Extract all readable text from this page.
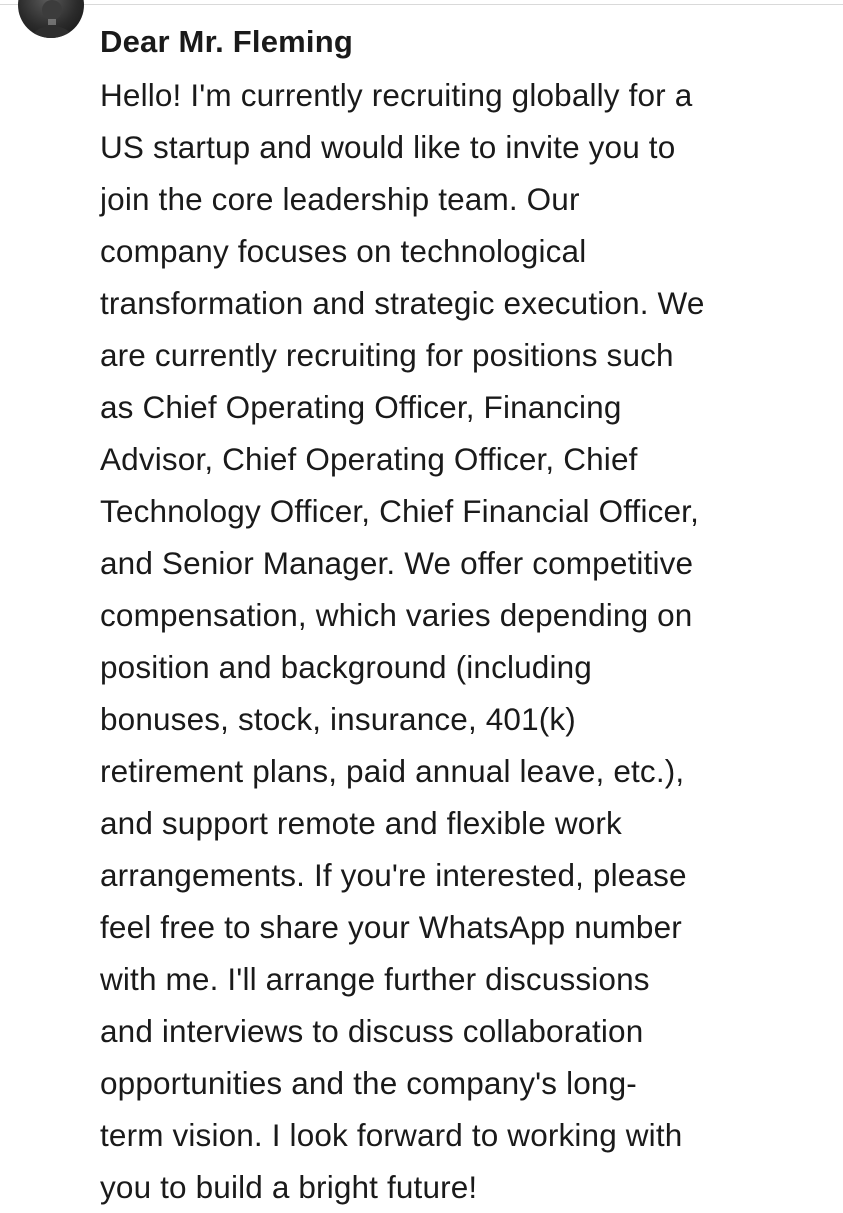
Dear Mr. Fleming

Hello! I'm currently recruiting globally for a
US startup and would like to invite you to
join the core leadership team. Our
company focuses on technological
transformation and strategic execution. We
are currently recruiting for positions such
as Chief Operating Officer, Financing
Advisor, Chief Operating Officer, Chief
Technology Officer, Chief Financial Officer,
and Senior Manager. We offer competitive
compensation, which varies depending on
position and background (including
bonuses, stock, insurance, 401(k)
retirement plans, paid annual leave, etc.),
and support remote and flexible work
arrangements. If you're interested, please
feel free to share your WhatsApp number
with me. I'll arrange further discussions
and interviews to discuss collaboration
opportunities and the company's long-
term vision. I look forward to working with
you to build a bright future!
